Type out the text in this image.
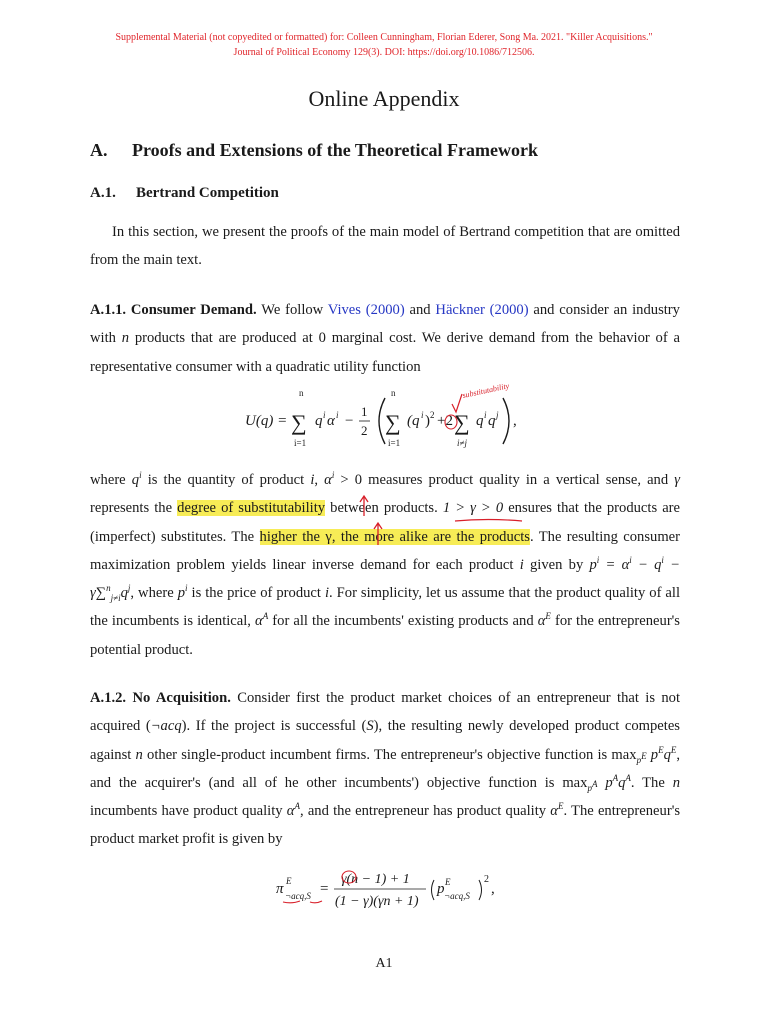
Supplemental Material (not copyedited or formatted) for: Colleen Cunningham, Florian Ederer, Song Ma. 2021. "Killer Acquisitions."
Journal of Political Economy 129(3). DOI: https://doi.org/10.1086/712506.
Online Appendix
A. Proofs and Extensions of the Theoretical Framework
A.1. Bertrand Competition
In this section, we present the proofs of the main model of Bertrand competition that are omitted from the main text.
A.1.1. Consumer Demand. We follow Vives (2000) and Häckner (2000) and consider an industry with n products that are produced at 0 marginal cost. We derive demand from the behavior of a representative consumer with a quadratic utility function
U(q) =
n
∑
i=1
q i α i −
1
2
n
∑
i=1
(q i ) 2 +2 ∑
i≠j
q i q j ,
where $q^i$ is the quantity of product i, $\alpha^i > 0$ measures product quality in a vertical sense, and γ represents the degree of substitutability between products. 1 > γ > 0 ensures that the products are (imperfect) substitutes. The higher the γ, the more alike are the products. The resulting consumer maximization problem yields linear inverse demand for each product i given by $p^i = \alpha^i - q^i - \gamma\sum^n_{j\ne i}q^j$, where $p^i$ is the price of product i. For simplicity, let us assume that the product quality of all the incumbents is identical, $\alpha^A$ for all the incumbents' existing products and $\alpha^E$ for the entrepreneur's potential product.
A.1.2. No Acquisition. Consider first the product market choices of an entrepreneur that is not acquired (¬acq). If the project is successful (S), the resulting newly developed product competes against n other single-product incumbent firms. The entrepreneur's objective function is $\max_{p^E} p^Eq^E$, and the acquirer's (and all of he other incumbents') objective function is $\max_{p^A} p^Aq^A$. The n incumbents have product quality $\alpha^A$, and the entrepreneur has product quality $\alpha^E$. The entrepreneur's product market profit is given by
π E
¬acq,S =
γ(n − 1) + 1
(1 − γ)(γn + 1)
p E
¬acq,S
2
,
substitutability
A1
